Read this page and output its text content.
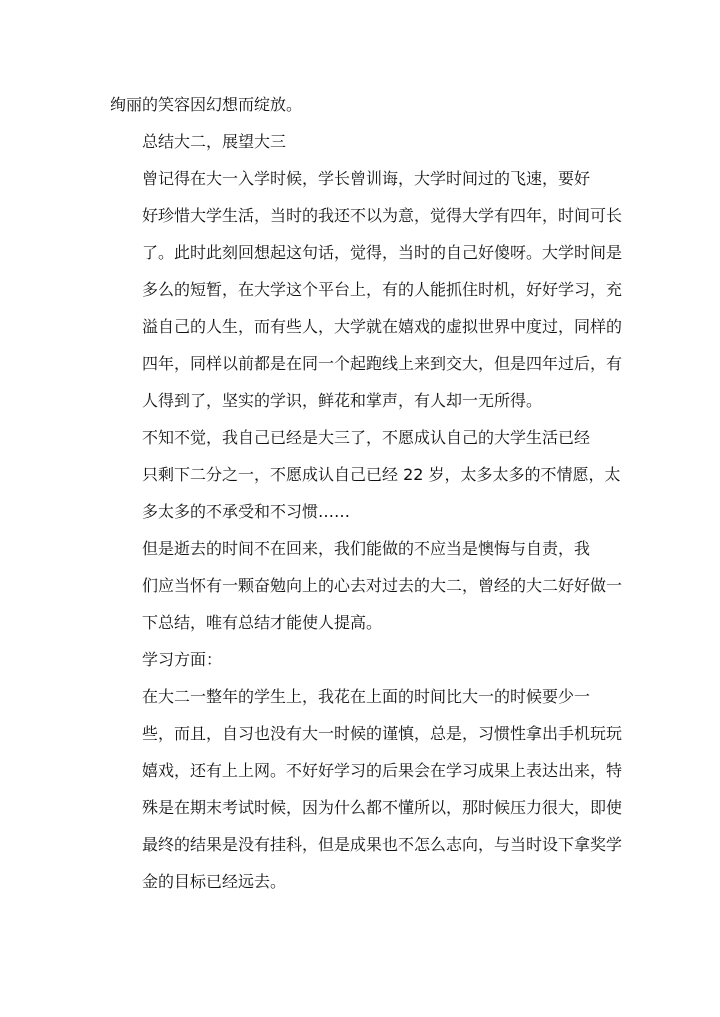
绚丽的笑容因幻想而绽放。

总结大二，展望大三

曾记得在大一入学时候，学长曾训诲，大学时间过的飞速，要好
好珍惜大学生活，当时的我还不以为意，觉得大学有四年，时间可长
了。此时此刻回想起这句话，觉得，当时的自己好傻呀。大学时间是
多么的短暂，在大学这个平台上，有的人能抓住时机，好好学习，充
溢自己的人生，而有些人，大学就在嬉戏的虚拟世界中度过，同样的
四年，同样以前都是在同一个起跑线上来到交大，但是四年过后，有
人得到了，坚实的学识，鲜花和掌声，有人却一无所得。

不知不觉，我自己已经是大三了，不愿成认自己的大学生活已经
只剩下二分之一，不愿成认自己已经 22 岁，太多太多的不情愿，太
多太多的不承受和不习惯……

但是逝去的时间不在回来，我们能做的不应当是懊悔与自责，我
们应当怀有一颗奋勉向上的心去对过去的大二，曾经的大二好好做一
下总结，唯有总结才能使人提高。

学习方面：

在大二一整年的学生上，我花在上面的时间比大一的时候要少一
些，而且，自习也没有大一时候的谨慎，总是，习惯性拿出手机玩玩
嬉戏，还有上上网。不好好学习的后果会在学习成果上表达出来，特
殊是在期末考试时候，因为什么都不懂所以，那时候压力很大，即使
最终的结果是没有挂科，但是成果也不怎么志向，与当时设下拿奖学
金的目标已经远去。
